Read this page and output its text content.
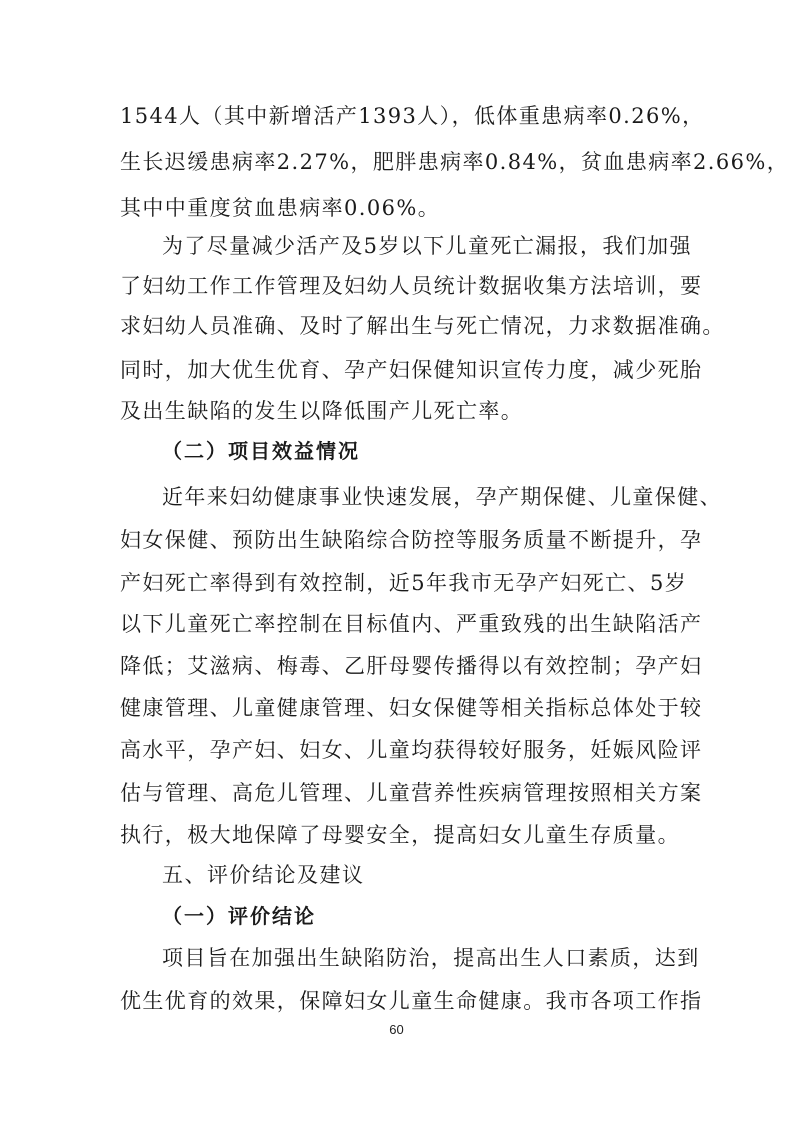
1544人（其中新增活产1393人），低体重患病率0.26%，
生长迟缓患病率2.27%，肥胖患病率0.84%，贫血患病率2.66%，
其中中重度贫血患病率0.06%。
为了尽量减少活产及5岁以下儿童死亡漏报，我们加强
了妇幼工作工作管理及妇幼人员统计数据收集方法培训，要
求妇幼人员准确、及时了解出生与死亡情况，力求数据准确。
同时，加大优生优育、孕产妇保健知识宣传力度，减少死胎
及出生缺陷的发生以降低围产儿死亡率。
（二）项目效益情况
近年来妇幼健康事业快速发展，孕产期保健、儿童保健、
妇女保健、预防出生缺陷综合防控等服务质量不断提升，孕
产妇死亡率得到有效控制，近5年我市无孕产妇死亡、5岁
以下儿童死亡率控制在目标值内、严重致残的出生缺陷活产
降低；艾滋病、梅毒、乙肝母婴传播得以有效控制；孕产妇
健康管理、儿童健康管理、妇女保健等相关指标总体处于较
高水平，孕产妇、妇女、儿童均获得较好服务，妊娠风险评
估与管理、高危儿管理、儿童营养性疾病管理按照相关方案
执行，极大地保障了母婴安全，提高妇女儿童生存质量。
五、评价结论及建议
（一）评价结论
项目旨在加强出生缺陷防治，提高出生人口素质，达到
优生优育的效果，保障妇女儿童生命健康。我市各项工作指
60
